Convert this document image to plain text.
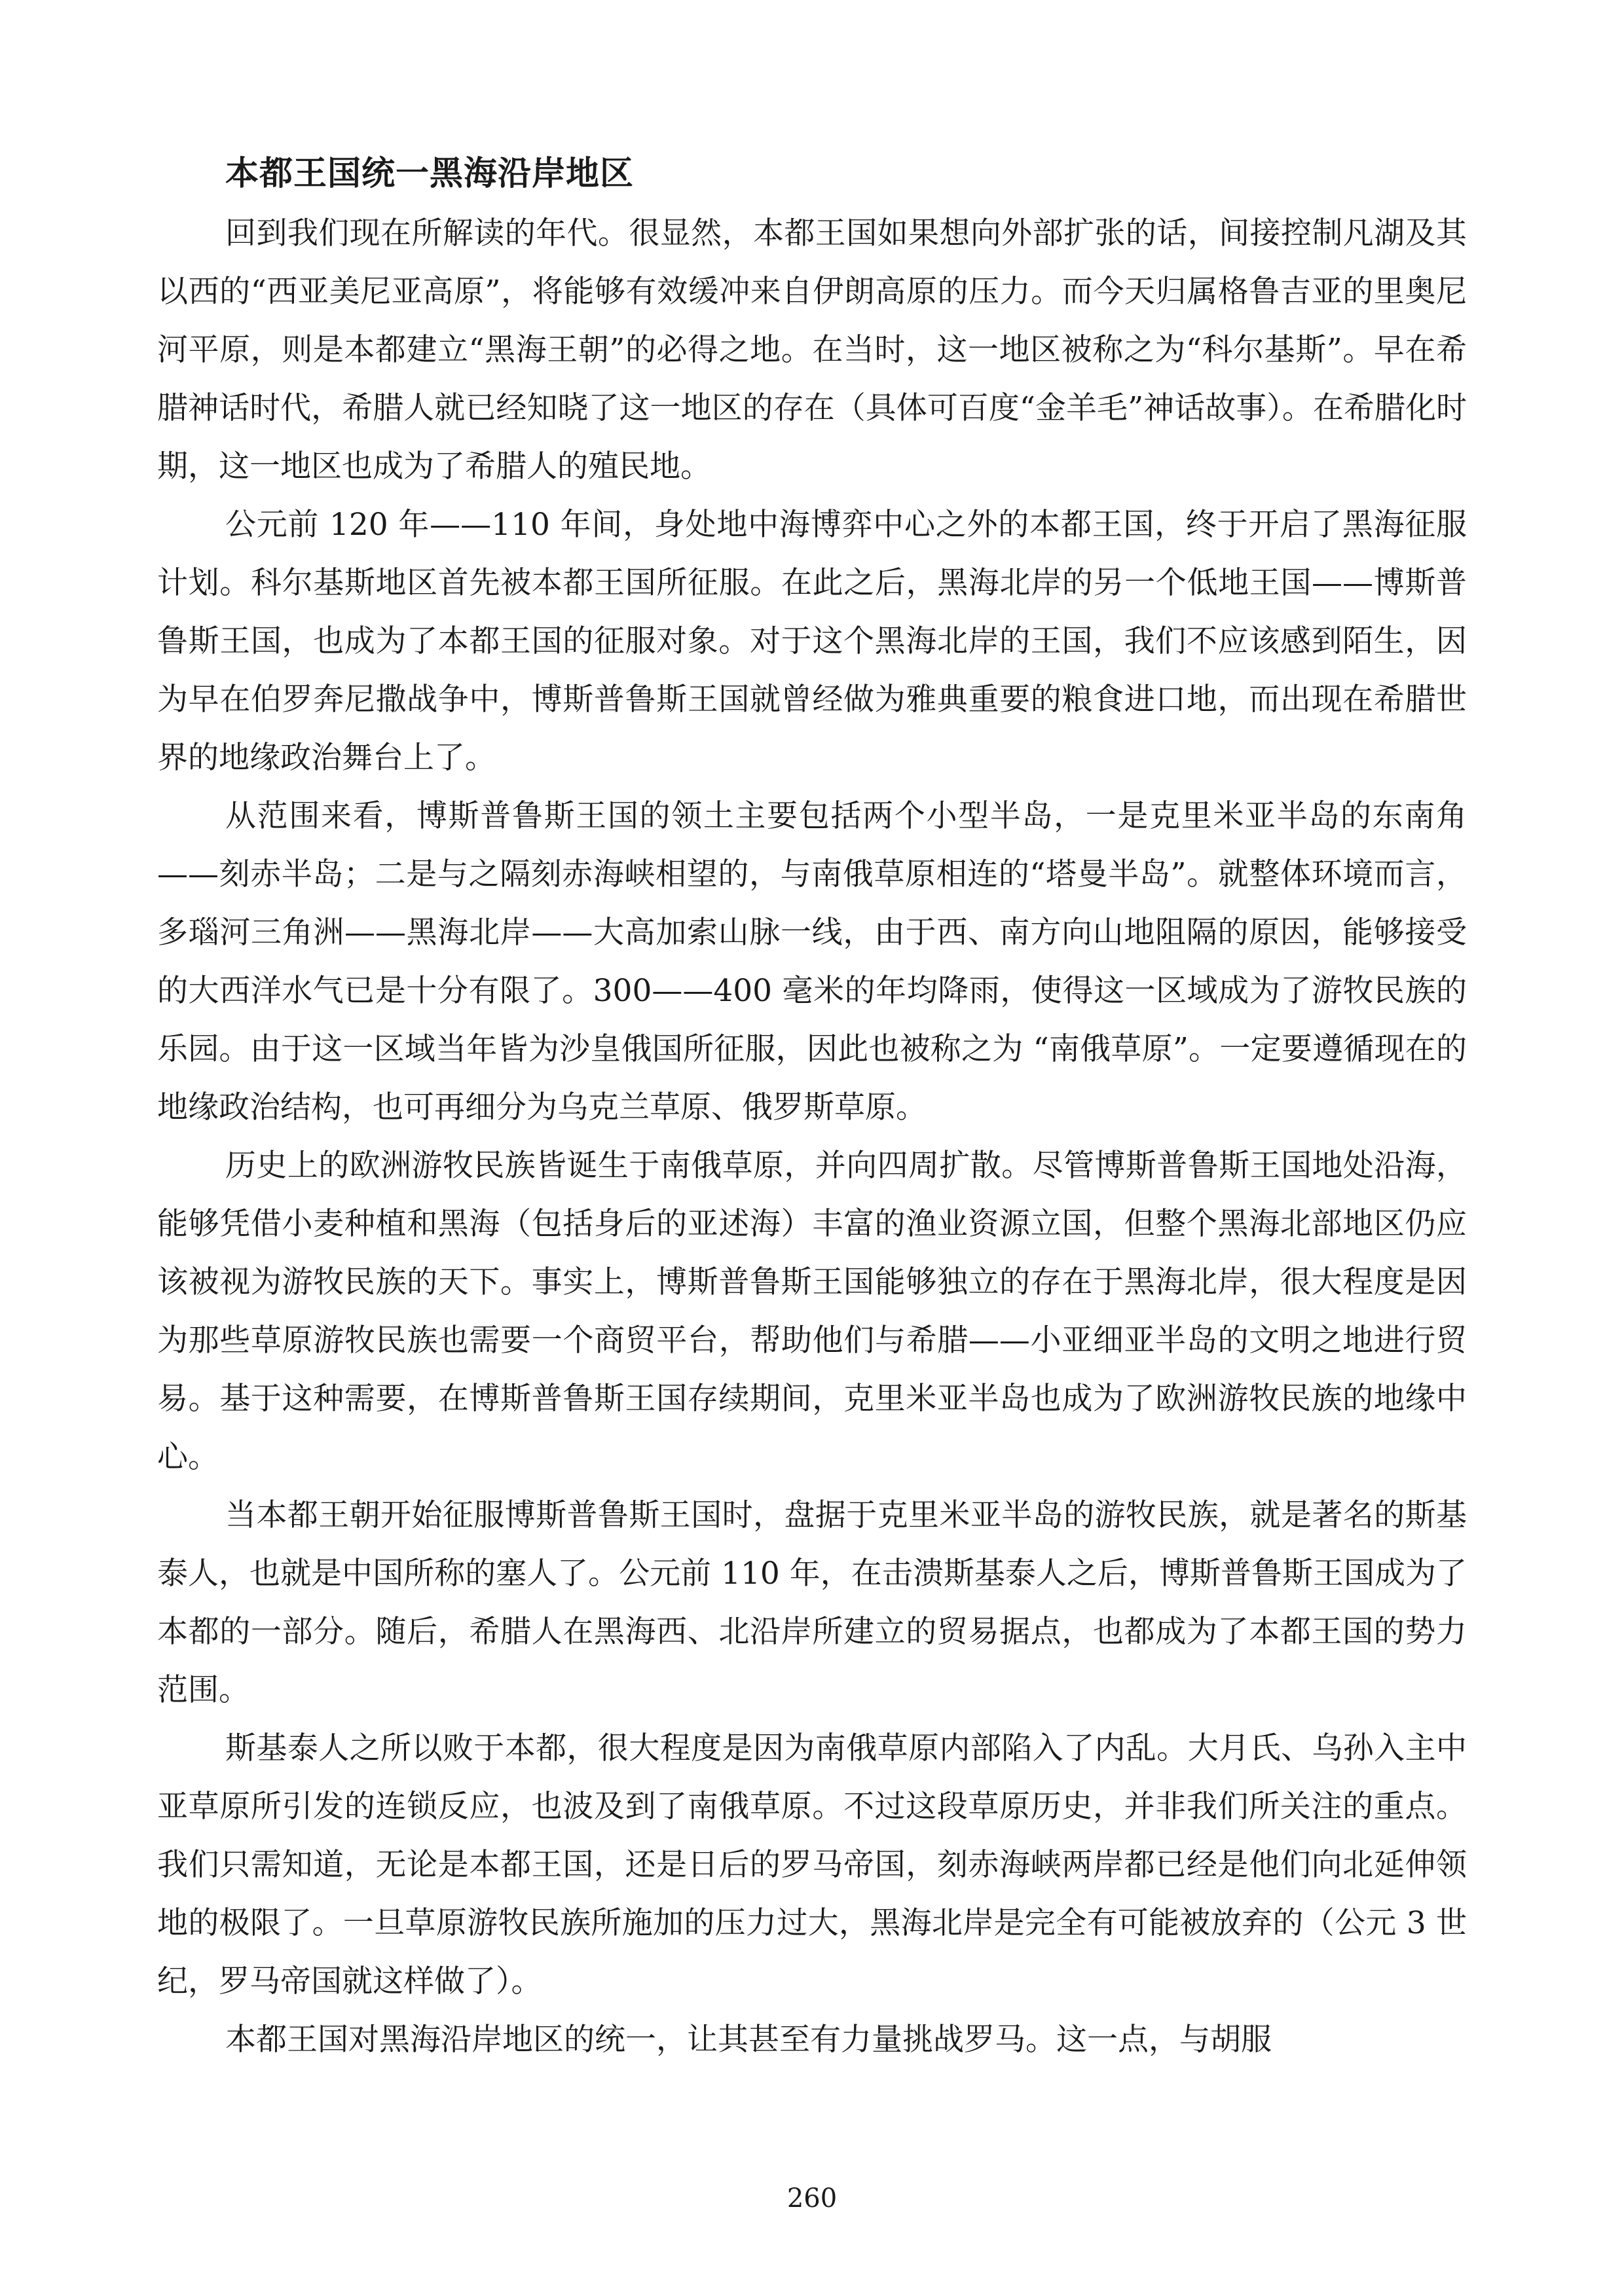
本都王国统一黑海沿岸地区

回到我们现在所解读的年代。很显然，本都王国如果想向外部扩张的话，间接控制凡湖及其以西的“西亚美尼亚高原”，将能够有效缓冲来自伊朗高原的压力。而今天归属格鲁吉亚的里奥尼河平原，则是本都建立“黑海王朝”的必得之地。在当时，这一地区被称之为“科尔基斯”。早在希腊神话时代，希腊人就已经知晓了这一地区的存在（具体可百度“金羊毛”神话故事）。在希腊化时期，这一地区也成为了希腊人的殖民地。

公元前 120 年——110 年间，身处地中海博弈中心之外的本都王国，终于开启了黑海征服计划。科尔基斯地区首先被本都王国所征服。在此之后，黑海北岸的另一个低地王国——博斯普鲁斯王国，也成为了本都王国的征服对象。对于这个黑海北岸的王国，我们不应该感到陌生，因为早在伯罗奔尼撒战争中，博斯普鲁斯王国就曾经做为雅典重要的粮食进口地，而出现在希腊世界的地缘政治舞台上了。

从范围来看，博斯普鲁斯王国的领土主要包括两个小型半岛，一是克里米亚半岛的东南角——刻赤半岛；二是与之隔刻赤海峡相望的，与南俄草原相连的“塔曼半岛”。就整体环境而言，多瑙河三角洲——黑海北岸——大高加索山脉一线，由于西、南方向山地阻隔的原因，能够接受的大西洋水气已是十分有限了。300——400 毫米的年均降雨，使得这一区域成为了游牧民族的乐园。由于这一区域当年皆为沙皇俄国所征服，因此也被称之为 “南俄草原”。一定要遵循现在的地缘政治结构，也可再细分为乌克兰草原、俄罗斯草原。

历史上的欧洲游牧民族皆诞生于南俄草原，并向四周扩散。尽管博斯普鲁斯王国地处沿海，能够凭借小麦种植和黑海（包括身后的亚述海）丰富的渔业资源立国，但整个黑海北部地区仍应该被视为游牧民族的天下。事实上，博斯普鲁斯王国能够独立的存在于黑海北岸，很大程度是因为那些草原游牧民族也需要一个商贸平台，帮助他们与希腊——小亚细亚半岛的文明之地进行贸易。基于这种需要，在博斯普鲁斯王国存续期间，克里米亚半岛也成为了欧洲游牧民族的地缘中心。

当本都王朝开始征服博斯普鲁斯王国时，盘据于克里米亚半岛的游牧民族，就是著名的斯基泰人，也就是中国所称的塞人了。公元前 110 年，在击溃斯基泰人之后，博斯普鲁斯王国成为了本都的一部分。随后，希腊人在黑海西、北沿岸所建立的贸易据点，也都成为了本都王国的势力范围。

斯基泰人之所以败于本都，很大程度是因为南俄草原内部陷入了内乱。大月氏、乌孙入主中亚草原所引发的连锁反应，也波及到了南俄草原。不过这段草原历史，并非我们所关注的重点。我们只需知道，无论是本都王国，还是日后的罗马帝国，刻赤海峡两岸都已经是他们向北延伸领地的极限了。一旦草原游牧民族所施加的压力过大，黑海北岸是完全有可能被放弃的（公元 3 世纪，罗马帝国就这样做了）。

本都王国对黑海沿岸地区的统一，让其甚至有力量挑战罗马。这一点，与胡服

260
